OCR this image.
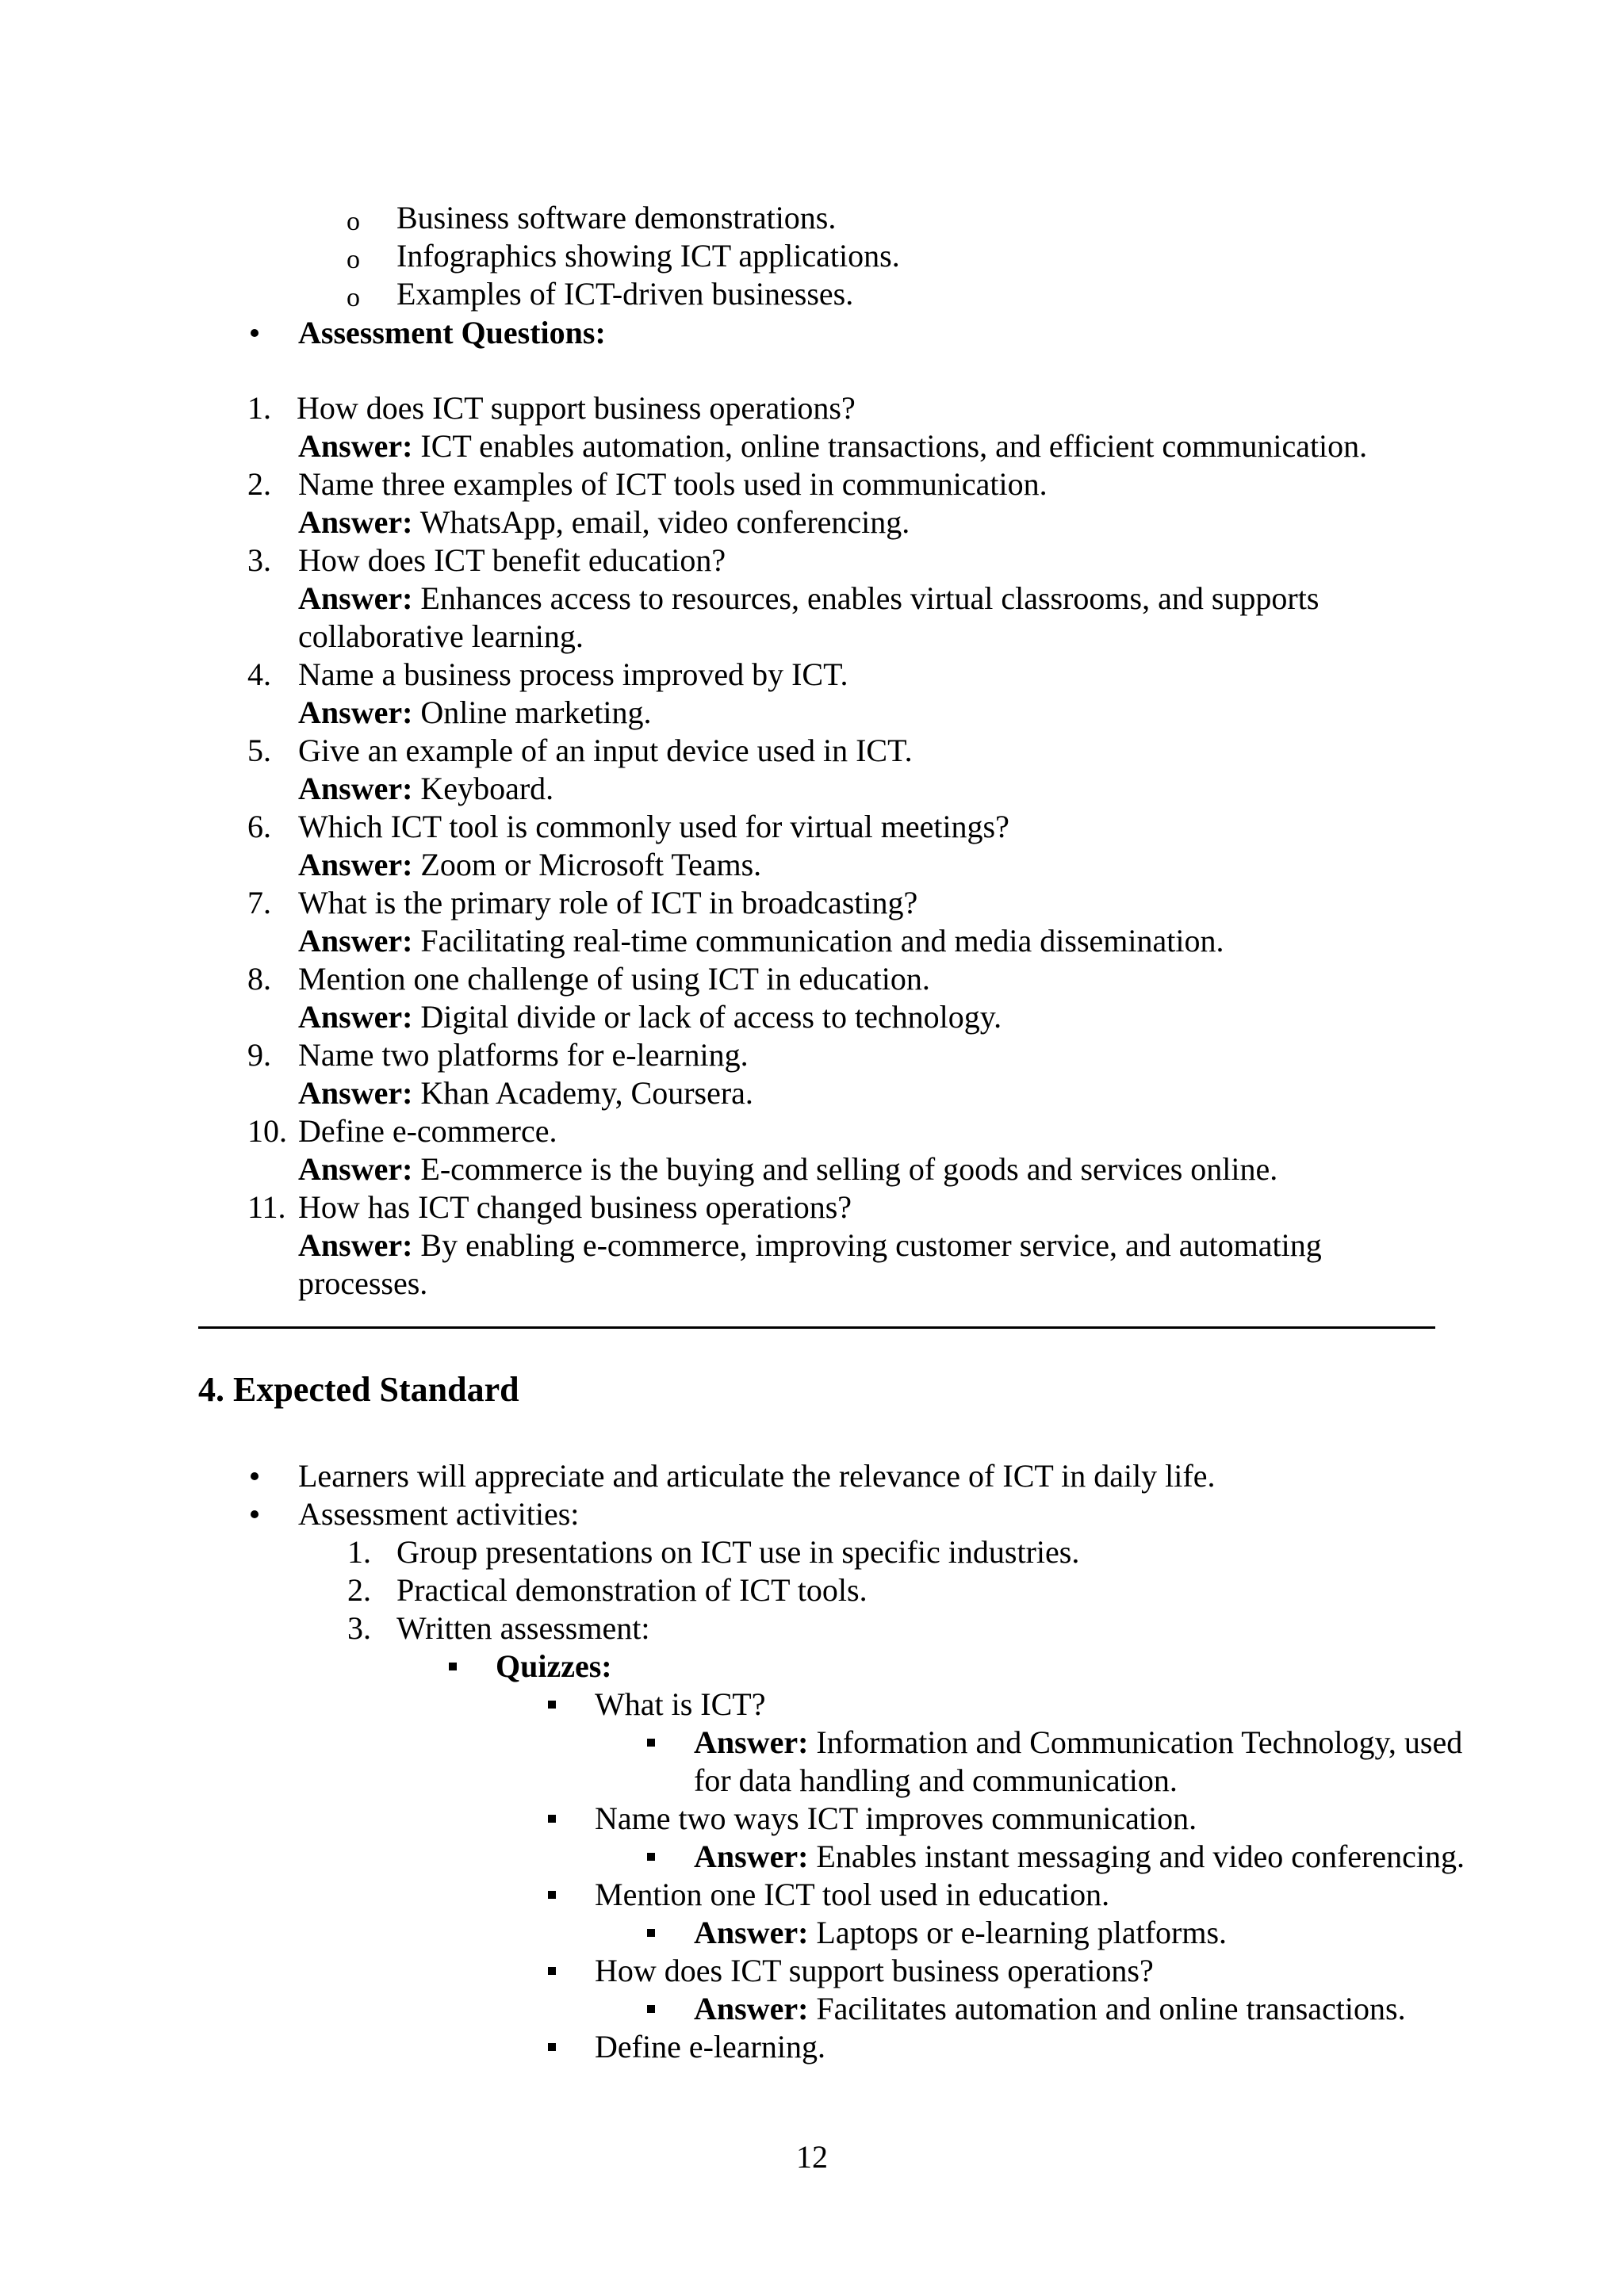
o Business software demonstrations.
o Infographics showing ICT applications.
o Examples of ICT-driven businesses.
Assessment Questions:
1. How does ICT support business operations?
Answer: ICT enables automation, online transactions, and efficient communication.
2. Name three examples of ICT tools used in communication.
Answer: WhatsApp, email, video conferencing.
3. How does ICT benefit education?
Answer: Enhances access to resources, enables virtual classrooms, and supports
collaborative learning.
4. Name a business process improved by ICT.
Answer: Online marketing.
5. Give an example of an input device used in ICT.
Answer: Keyboard.
6. Which ICT tool is commonly used for virtual meetings?
Answer: Zoom or Microsoft Teams.
7. What is the primary role of ICT in broadcasting?
Answer: Facilitating real-time communication and media dissemination.
8. Mention one challenge of using ICT in education.
Answer: Digital divide or lack of access to technology.
9. Name two platforms for e-learning.
Answer: Khan Academy, Coursera.
10. Define e-commerce.
Answer: E-commerce is the buying and selling of goods and services online.
11. How has ICT changed business operations?
Answer: By enabling e-commerce, improving customer service, and automating
processes.
4. Expected Standard
Learners will appreciate and articulate the relevance of ICT in daily life.
Assessment activities:
1. Group presentations on ICT use in specific industries.
2. Practical demonstration of ICT tools.
3. Written assessment:
Quizzes:
What is ICT?
Answer: Information and Communication Technology, used
for data handling and communication.
Name two ways ICT improves communication.
Answer: Enables instant messaging and video conferencing.
Mention one ICT tool used in education.
Answer: Laptops or e-learning platforms.
How does ICT support business operations?
Answer: Facilitates automation and online transactions.
Define e-learning.
12
